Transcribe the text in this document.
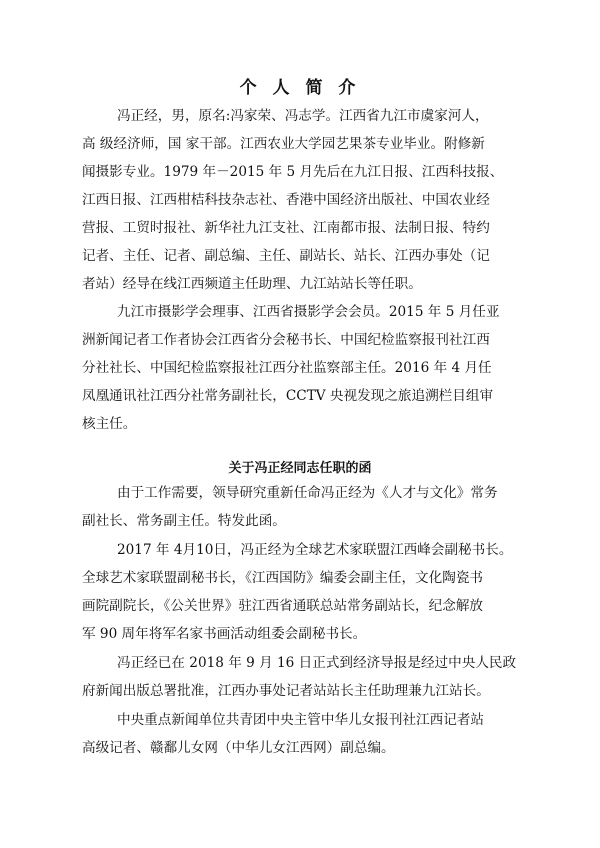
个 人 简 介
冯正经，男，原名:冯家荣、冯志学。江西省九江市虞家河人，
高 级经济师，国 家干部。江西农业大学园艺果茶专业毕业。附修新
闻摄影专业。1979 年－2015 年 5 月先后在九江日报、江西科技报、
江西日报、江西柑桔科技杂志社、香港中国经济出版社、中国农业经
营报、工贸时报社、新华社九江支社、江南都市报、法制日报、特约
记者、主任、记者、副总编、主任、副站长、站长、江西办事处（记
者站）经导在线江西频道主任助理、九江站站长等任职。
九江市摄影学会理事、江西省摄影学会会员。2015 年 5 月任亚
洲新闻记者工作者协会江西省分会秘书长、中国纪检监察报刊社江西
分社社长、中国纪检监察报社江西分社监察部主任。2016 年 4 月任
凤凰通讯社江西分社常务副社长，CCTV 央视发现之旅追溯栏目组审
核主任。
关于冯正经同志任职的函
由于工作需要，领导研究重新任命冯正经为《人才与文化》常务
副社长、常务副主任。特发此函。
2017 年 4月10日，冯正经为全球艺术家联盟江西峰会副秘书长。
全球艺术家联盟副秘书长，《江西国防》编委会副主任，文化陶瓷书
画院副院长，《公关世界》驻江西省通联总站常务副站长，纪念解放
军 90 周年将军名家书画活动组委会副秘书长。
冯正经已在 2018 年 9 月 16 日正式到经济导报是经过中央人民政
府新闻出版总署批准，江西办事处记者站站长主任助理兼九江站长。
中央重点新闻单位共青团中央主管中华儿女报刊社江西记者站
高级记者、赣鄱儿女网（中华儿女江西网）副总编。
